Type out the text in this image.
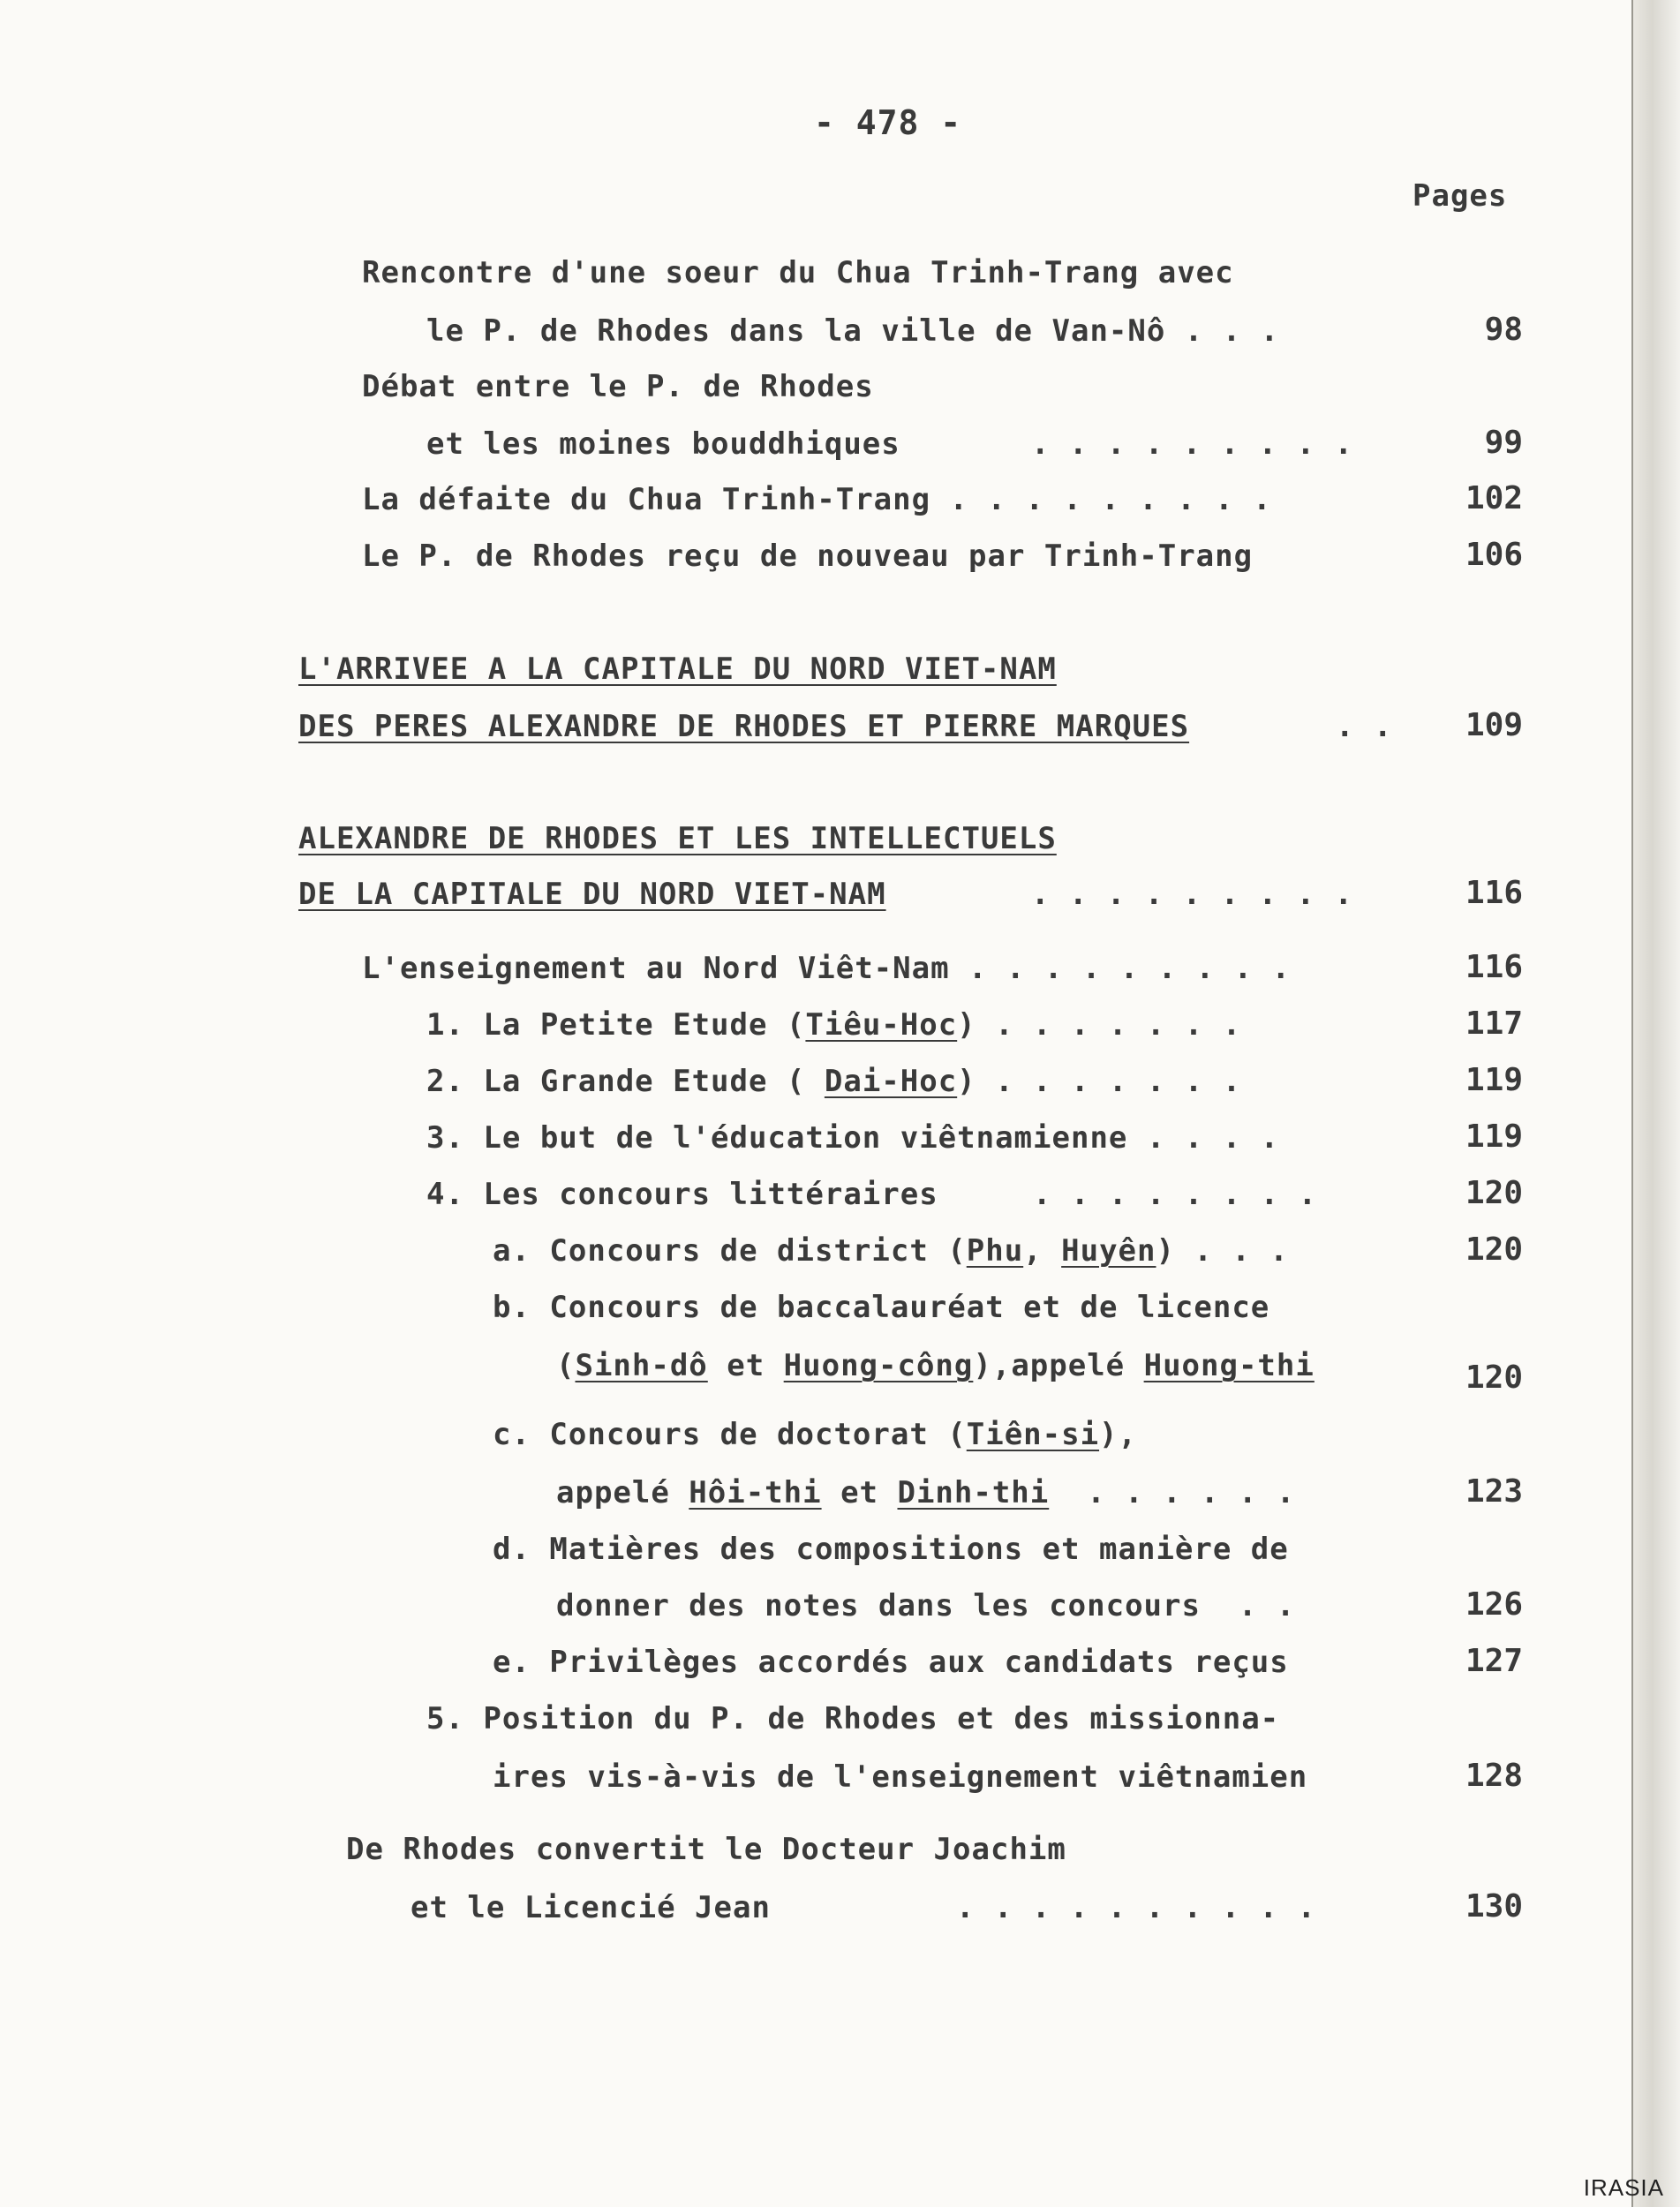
- 478 -
Pages
Rencontre d'une soeur du Chua Trinh-Trang avec
le P. de Rhodes dans la ville de Van-Nô . . .	98
Débat entre le P. de Rhodes
et les moines bouddhiques	. . . . . . . . .	99
La défaite du Chua Trinh-Trang . . . . . . . . .	102
Le P. de Rhodes reçu de nouveau par Trinh-Trang	106
L'ARRIVEE A LA CAPITALE DU NORD VIET-NAM
DES PERES ALEXANDRE DE RHODES ET PIERRE MARQUES	. .	109
ALEXANDRE DE RHODES ET LES INTELLECTUELS
DE LA CAPITALE DU NORD VIET-NAM	. . . . . . . . .	116
L'enseignement au Nord Viêt-Nam . . . . . . . . .	116
1. La Petite Etude (Tiêu-Hoc) . . . . . . .	117
2. La Grande Etude ( Dai-Hoc) . . . . . . .	119
3. Le but de l'éducation viêtnamienne . . . .	119
4. Les concours littéraires     . . . . . . . .	120
a. Concours de district (Phu, Huyên) . . .	120
b. Concours de baccalauréat et de licence
(Sinh-dô et Huong-công),appelé Huong-thi	120
c. Concours de doctorat (Tiên-si),
appelé Hôi-thi et Dinh-thi  . . . . . .	123
d. Matières des compositions et manière de
donner des notes dans les concours  . .	126
e. Privilèges accordés aux candidats reçus	127
5. Position du P. de Rhodes et des missionna-
ires vis-à-vis de l'enseignement viêtnamien	128
De Rhodes convertit le Docteur Joachim
et le Licencié Jean	. . . . . . . . . .	130
IRASIA
